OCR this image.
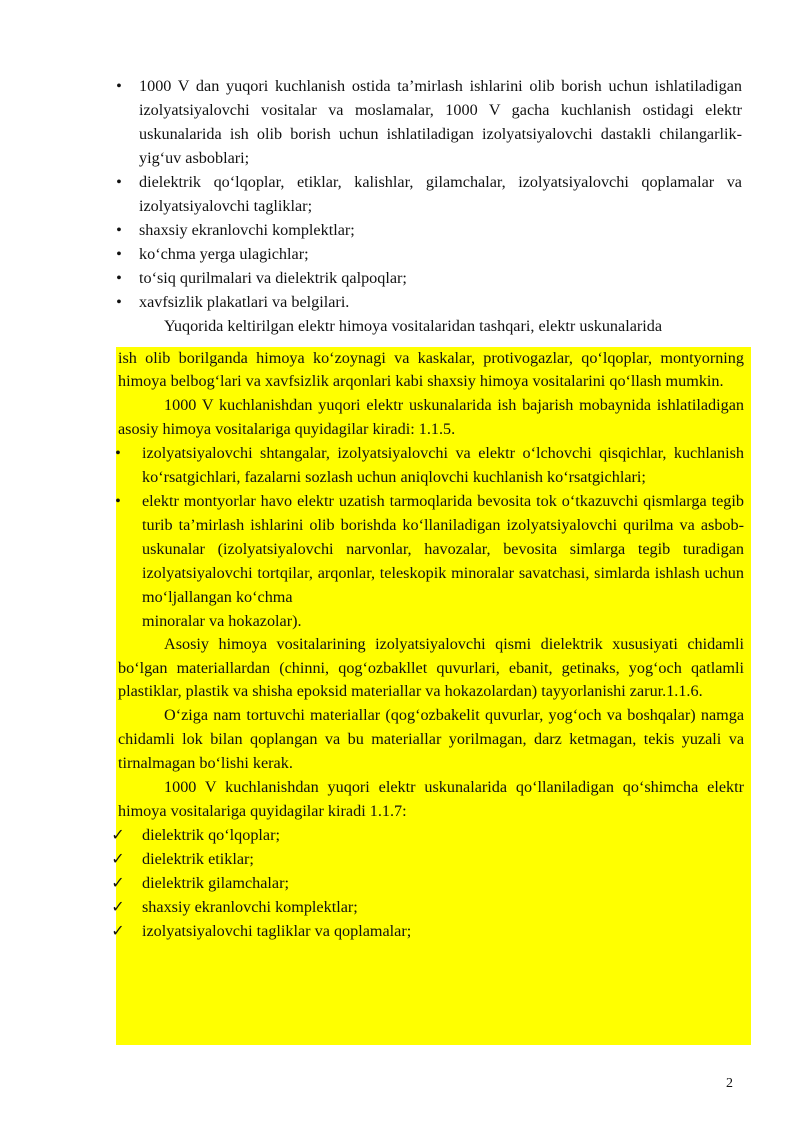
•	1000 V dan yuqori kuchlanish ostida ta’mirlash ishlarini olib borish uchun ishlatiladigan izolyatsiyalovchi vositalar va moslamalar, 1000 V gacha kuchlanish ostidagi elektr uskunalarida ish olib borish uchun ishlatiladigan izolyatsiyalovchi dastakli chilangarlik-yig‘uv asboblari;
•	dielektrik qo‘lqoplar, etiklar, kalishlar, gilamchalar, izolyatsiyalovchi qoplamalar va izolyatsiyalovchi tagliklar;
•	shaxsiy ekranlovchi komplektlar;
•	ko‘chma yerga ulagichlar;
•	to‘siq qurilmalari va dielektrik qalpoqlar;
•	xavfsizlik plakatlari va belgilari.
Yuqorida keltirilgan elektr himoya vositalaridan tashqari, elektr uskunalarida
ish olib borilganda himoya ko‘zoynagi va kaskalar, protivogazlar, qo‘lqoplar, montyorning himoya belbog‘lari va xavfsizlik arqonlari kabi shaxsiy himoya vositalarini qo‘llash mumkin.
1000 V kuchlanishdan yuqori elektr uskunalarida ish bajarish mobaynida ishlatiladigan asosiy himoya vositalariga quyidagilar kiradi: 1.1.5.
•	izolyatsiyalovchi shtangalar, izolyatsiyalovchi va elektr o‘lchovchi qisqichlar, kuchlanish ko‘rsatgichlari, fazalarni sozlash uchun aniqlovchi kuchlanish ko‘rsatgichlari;
•	elektr montyorlar havo elektr uzatish tarmoqlarida bevosita tok o‘tkazuvchi qismlarga tegib turib ta’mirlash ishlarini olib borishda ko‘llaniladigan izolyatsiyalovchi qurilma va asbob-uskunalar (izolyatsiyalovchi narvonlar, havozalar, bevosita simlarga tegib turadigan izolyatsiyalovchi tortqilar, arqonlar, teleskopik minoralar savatchasi, simlarda ishlash uchun mo‘ljallangan ko‘chma
minoralar va hokazolar).
Asosiy himoya vositalarining izolyatsiyalovchi qismi dielektrik xususiyati chidamli bo‘lgan materiallardan (chinni, qog‘ozbakllet quvurlari, ebanit, getinaks, yog‘och qatlamli plastiklar, plastik va shisha epoksid materiallar va hokazolardan) tayyorlanishi zarur.1.1.6.
O‘ziga nam tortuvchi materiallar (qog‘ozbakelit quvurlar, yog‘och va boshqalar) namga chidamli lok bilan qoplangan va bu materiallar yorilmagan, darz ketmagan, tekis yuzali va tirnalmagan bo‘lishi kerak.
1000 V kuchlanishdan yuqori elektr uskunalarida qo‘llaniladigan qo‘shimcha elektr himoya vositalariga quyidagilar kiradi 1.1.7:
✓ dielektrik qo‘lqoplar;
✓ dielektrik etiklar;
✓ dielektrik gilamchalar;
✓ shaxsiy ekranlovchi komplektlar;
✓ izolyatsiyalovchi tagliklar va qoplamalar;
2
